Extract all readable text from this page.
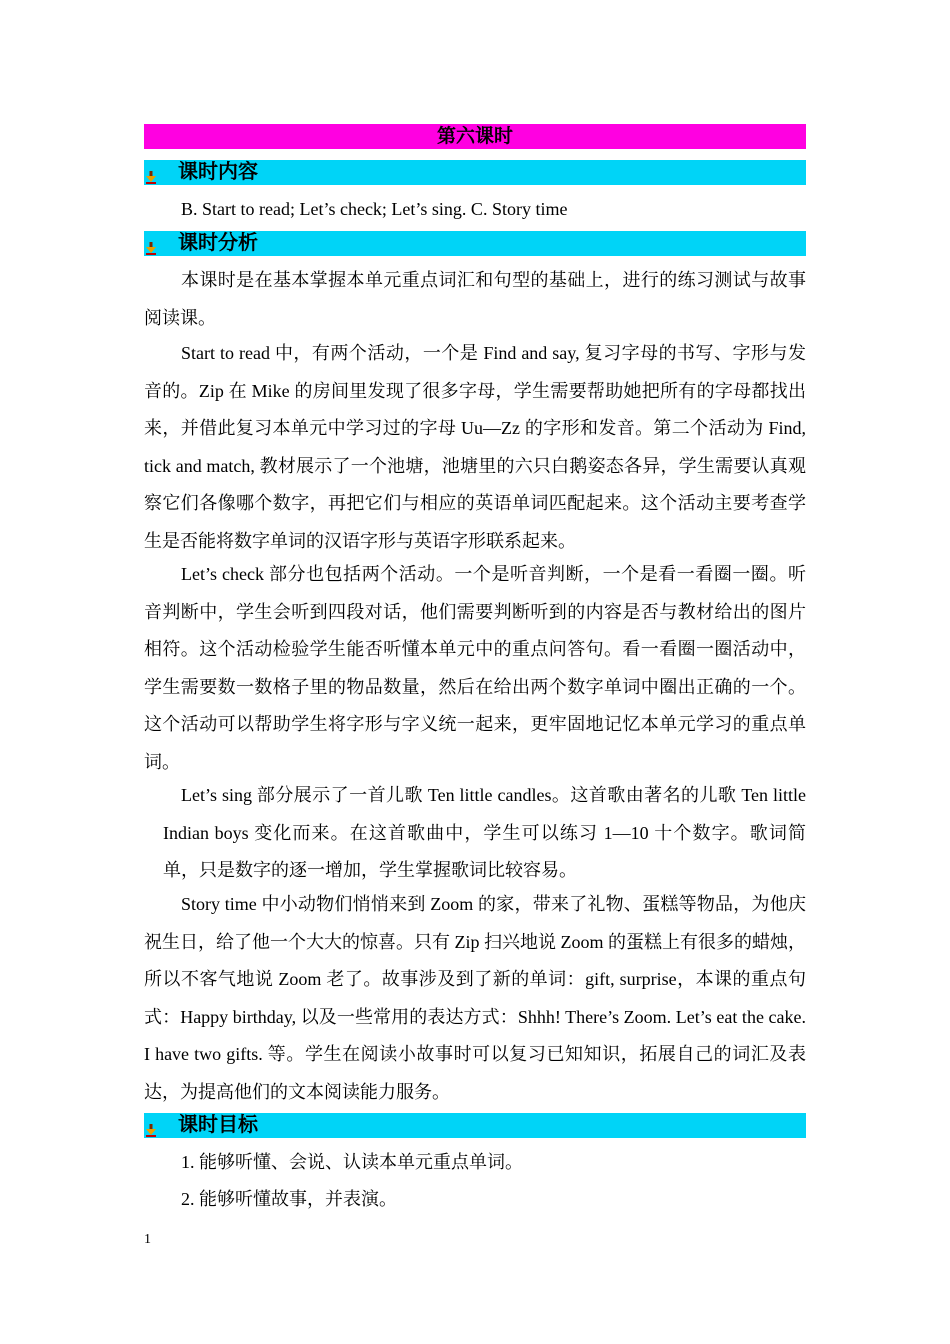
第六课时
课时内容
B. Start to read; Let’s check; Let’s sing. C. Story time
课时分析

本课时是在基本掌握本单元重点词汇和句型的基础上，进行的练习测试与故事阅读课。

Start to read 中，有两个活动，一个是 Find and say, 复习字母的书写、字形与发音的。Zip 在 Mike 的房间里发现了很多字母，学生需要帮助她把所有的字母都找出来，并借此复习本单元中学习过的字母 Uu—Zz 的字形和发音。第二个活动为 Find, tick and match, 教材展示了一个池塘，池塘里的六只白鹅姿态各异，学生需要认真观察它们各像哪个数字，再把它们与相应的英语单词匹配起来。这个活动主要考查学生是否能将数字单词的汉语字形与英语字形联系起来。

Let’s check 部分也包括两个活动。一个是听音判断，一个是看一看圈一圈。听音判断中，学生会听到四段对话，他们需要判断听到的内容是否与教材给出的图片相符。这个活动检验学生能否听懂本单元中的重点问答句。看一看圈一圈活动中，学生需要数一数格子里的物品数量，然后在给出两个数字单词中圈出正确的一个。这个活动可以帮助学生将字形与字义统一起来，更牢固地记忆本单元学习的重点单词。

Let’s sing 部分展示了一首儿歌 Ten little candles。这首歌由著名的儿歌 Ten little Indian boys 变化而来。在这首歌曲中，学生可以练习 1—10 十个数字。歌词简单，只是数字的逐一增加，学生掌握歌词比较容易。

Story time 中小动物们悄悄来到 Zoom 的家，带来了礼物、蛋糕等物品，为他庆祝生日，给了他一个大大的惊喜。只有 Zip 扫兴地说 Zoom 的蛋糕上有很多的蜡烛，所以不客气地说 Zoom 老了。故事涉及到了新的单词：gift, surprise，本课的重点句式：Happy birthday, 以及一些常用的表达方式：Shhh! There’s Zoom. Let’s eat the cake. I have two gifts. 等。学生在阅读小故事时可以复习已知知识，拓展自己的词汇及表达，为提高他们的文本阅读能力服务。

课时目标
1. 能够听懂、会说、认读本单元重点单词。
2. 能够听懂故事，并表演。
1
